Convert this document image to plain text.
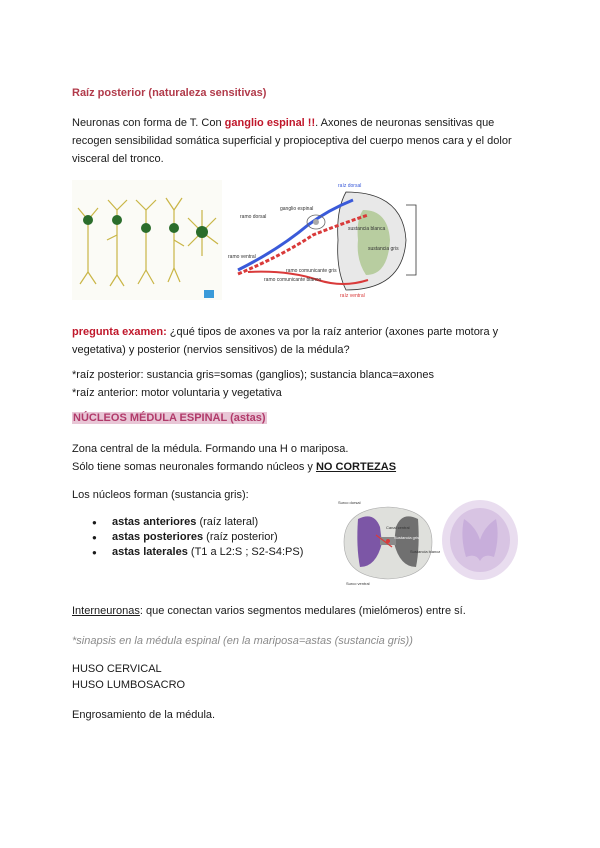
Raíz posterior (naturaleza sensitivas)
Neuronas con forma de T. Con ganglio espinal !!. Axones de neuronas sensitivas que
recogen sensibilidad somática superficial y propioceptiva del cuerpo menos cara y el dolor
visceral del tronco.
raíz dorsal
ramo dorsal
ganglio espinal
sustancia blanca
sustancia gris
ramo ventral
ramo comunicante gris
ramo comunicante blanco
raíz ventral
pregunta examen: ¿qué tipos de axones va por la raíz anterior (axones parte motora y
vegetativa) y posterior (nervios sensitivos) de la médula?
*raíz posterior: sustancia gris=somas (ganglios); sustancia blanca=axones
*raíz anterior: motor voluntaria y vegetativa
NÚCLEOS MÉDULA ESPINAL (astas)
Zona central de la médula. Formando una H o mariposa.
Sólo tiene somas neuronales formando núcleos y NO CORTEZAS
Los núcleos forman (sustancia gris):
● astas anteriores (raíz lateral)
● astas posteriores (raíz posterior)
● astas laterales (T1 a L2:S ; S2-S4:PS)
Surco dorsal
Surco ventral
Sustancia blanca
Sustancia gris
Canal central
Interneuronas: que conectan varios segmentos medulares (mielómeros) entre sí.
*sinapsis en la médula espinal (en la mariposa=astas (sustancia gris))
HUSO CERVICAL
HUSO LUMBOSACRO
Engrosamiento de la médula.
